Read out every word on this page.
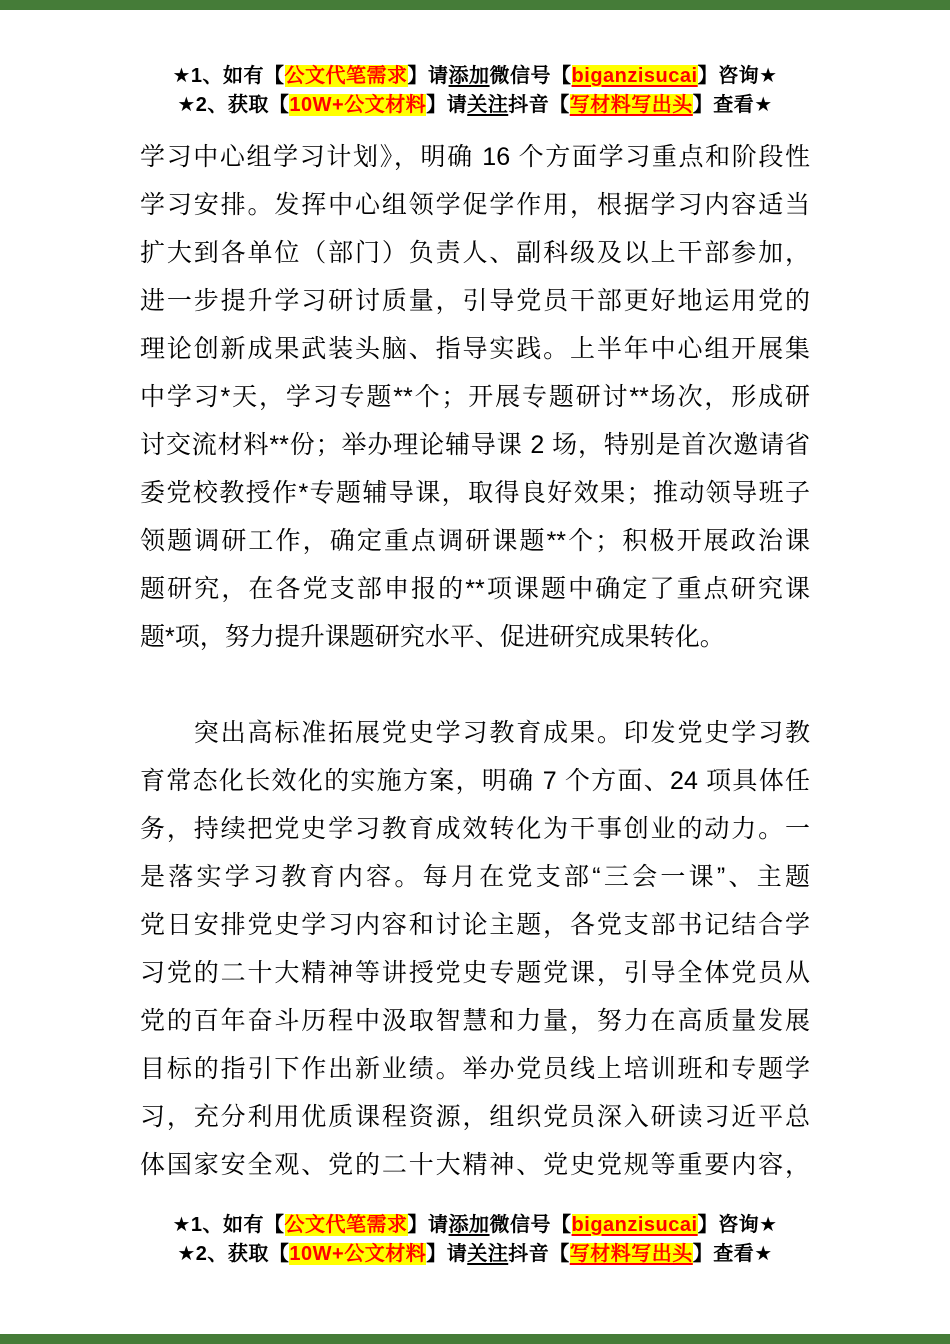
★1、如有【公文代笔需求】请添加微信号【biganzisucai】咨询★
★2、获取【10W+公文材料】请关注抖音【写材料写出头】查看★
学习中心组学习计划》，明确 16 个方面学习重点和阶段性
学习安排。发挥中心组领学促学作用，根据学习内容适当
扩大到各单位（部门）负责人、副科级及以上干部参加，
进一步提升学习研讨质量，引导党员干部更好地运用党的
理论创新成果武装头脑、指导实践。上半年中心组开展集
中学习*天，学习专题**个；开展专题研讨**场次，形成研
讨交流材料**份；举办理论辅导课 2 场，特别是首次邀请省
委党校教授作*专题辅导课，取得良好效果；推动领导班子
领题调研工作，确定重点调研课题**个；积极开展政治课
题研究，在各党支部申报的**项课题中确定了重点研究课
题*项，努力提升课题研究水平、促进研究成果转化。
　　突出高标准拓展党史学习教育成果。印发党史学习教
育常态化长效化的实施方案，明确 7 个方面、24 项具体任
务，持续把党史学习教育成效转化为干事创业的动力。一
是落实学习教育内容。每月在党支部“三会一课”、主题
党日安排党史学习内容和讨论主题，各党支部书记结合学
习党的二十大精神等讲授党史专题党课，引导全体党员从
党的百年奋斗历程中汲取智慧和力量，努力在高质量发展
目标的指引下作出新业绩。举办党员线上培训班和专题学
习，充分利用优质课程资源，组织党员深入研读习近平总
体国家安全观、党的二十大精神、党史党规等重要内容，
★1、如有【公文代笔需求】请添加微信号【biganzisucai】咨询★
★2、获取【10W+公文材料】请关注抖音【写材料写出头】查看★
